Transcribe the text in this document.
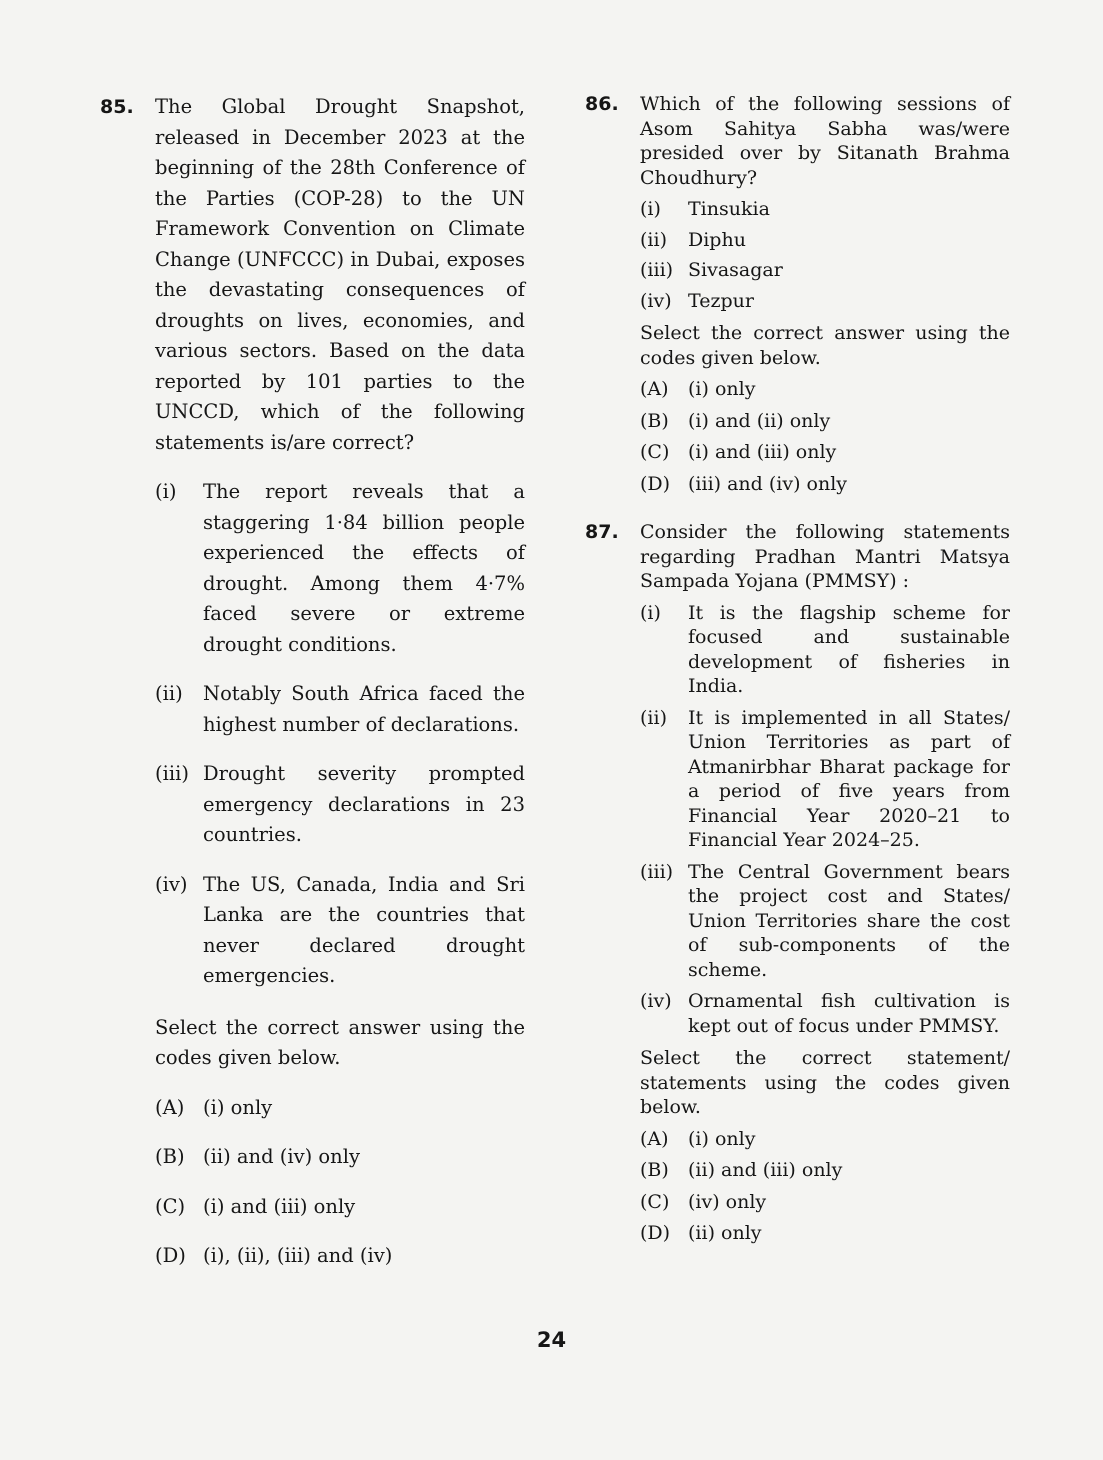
85. The Global Drought Snapshot, released in December 2023 at the beginning of the 28th Conference of the Parties (COP-28) to the UN Framework Convention on Climate Change (UNFCCC) in Dubai, exposes the devastating consequences of droughts on lives, economies, and various sectors. Based on the data reported by 101 parties to the UNCCD, which of the following statements is/are correct?
(i) The report reveals that a staggering 1·84 billion people experienced the effects of drought. Among them 4·7% faced severe or extreme drought conditions.
(ii) Notably South Africa faced the highest number of declarations.
(iii) Drought severity prompted emergency declarations in 23 countries.
(iv) The US, Canada, India and Sri Lanka are the countries that never declared drought emergencies.
Select the correct answer using the codes given below.
(A) (i) only
(B) (ii) and (iv) only
(C) (i) and (iii) only
(D) (i), (ii), (iii) and (iv)
86. Which of the following sessions of Asom Sahitya Sabha was/were presided over by Sitanath Brahma Choudhury?
(i) Tinsukia
(ii) Diphu
(iii) Sivasagar
(iv) Tezpur
Select the correct answer using the codes given below.
(A) (i) only
(B) (i) and (ii) only
(C) (i) and (iii) only
(D) (iii) and (iv) only
87. Consider the following statements regarding Pradhan Mantri Matsya Sampada Yojana (PMMSY) :
(i) It is the flagship scheme for focused and sustainable development of fisheries in India.
(ii) It is implemented in all States/ Union Territories as part of Atmanirbhar Bharat package for a period of five years from Financial Year 2020–21 to Financial Year 2024–25.
(iii) The Central Government bears the project cost and States/ Union Territories share the cost of sub-components of the scheme.
(iv) Ornamental fish cultivation is kept out of focus under PMMSY.
Select the correct statement/ statements using the codes given below.
(A) (i) only
(B) (ii) and (iii) only
(C) (iv) only
(D) (ii) only
24
